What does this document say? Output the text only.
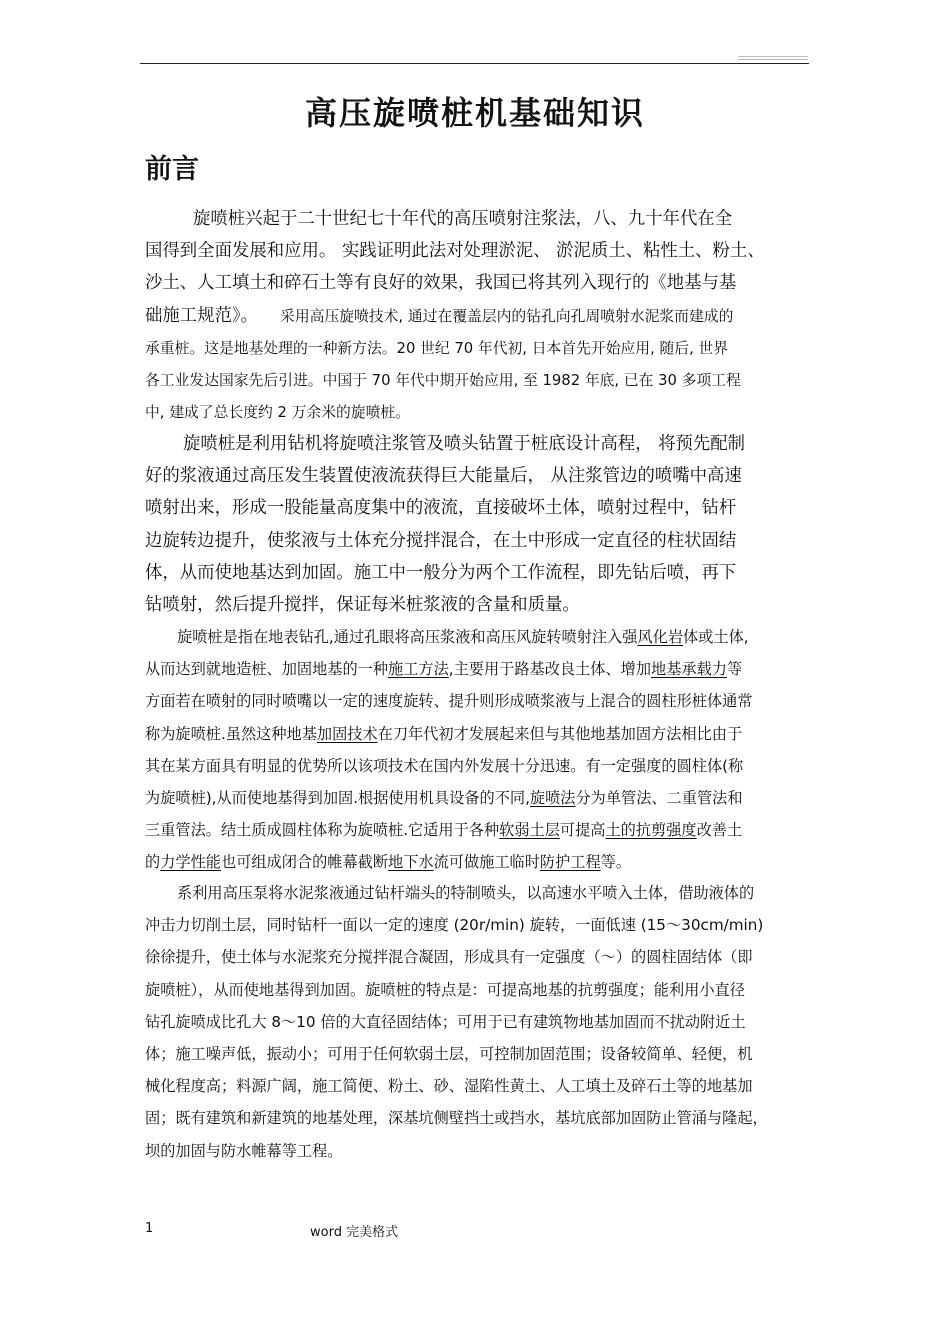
高压旋喷桩机基础知识
前言
旋喷桩兴起于二十世纪七十年代的高压喷射注浆法，八、九十年代在全
国得到全面发展和应用。 实践证明此法对处理淤泥、 淤泥质土、粘性土、粉土、
沙土、人工填土和碎石土等有良好的效果，我国已将其列入现行的《地基与基
础施工规范》。 采用高压旋喷技术, 通过在覆盖层内的钻孔向孔周喷射水泥浆而建成的
承重桩。这是地基处理的一种新方法。20 世纪 70 年代初, 日本首先开始应用, 随后, 世界
各工业发达国家先后引进。中国于 70 年代中期开始应用, 至 1982 年底, 已在 30 多项工程
中, 建成了总长度约 2 万余米的旋喷桩。
旋喷桩是利用钻机将旋喷注浆管及喷头钻置于桩底设计高程， 将预先配制
好的浆液通过高压发生装置使液流获得巨大能量后， 从注浆管边的喷嘴中高速
喷射出来，形成一股能量高度集中的液流，直接破坏土体，喷射过程中，钻杆
边旋转边提升，使浆液与土体充分搅拌混合，在土中形成一定直径的柱状固结
体，从而使地基达到加固。施工中一般分为两个工作流程，即先钻后喷，再下
钻喷射，然后提升搅拌，保证每米桩浆液的含量和质量。
旋喷桩是指在地表钻孔,通过孔眼将高压浆液和高压风旋转喷射注入强风化岩体或土体,
从而达到就地造桩、加固地基的一种施工方法,主要用于路基改良土体、增加地基承载力等
方面若在喷射的同时喷嘴以一定的速度旋转、提升则形成喷浆液与上混合的圆柱形桩体通常
称为旋喷桩.虽然这种地基加固技术在刀年代初才发展起来但与其他地基加固方法相比由于
其在某方面具有明显的优势所以该项技术在国内外发展十分迅速。有一定强度的圆柱体(称
为旋喷桩),从而使地基得到加固.根据使用机具设备的不同,旋喷法分为单管法、二重管法和
三重管法。结土质成圆柱体称为旋喷桩.它适用于各种软弱土层可提高土的抗剪强度改善土
的力学性能也可组成闭合的帷幕截断地下水流可做施工临时防护工程等。
系利用高压泵将水泥浆液通过钻杆端头的特制喷头，以高速水平喷入土体，借助液体的
冲击力切削土层，同时钻杆一面以一定的速度 (20r/min) 旋转，一面低速 (15～30cm/min)
徐徐提升，使土体与水泥浆充分搅拌混合凝固，形成具有一定强度（～）的圆柱固结体（即
旋喷桩），从而使地基得到加固。旋喷桩的特点是：可提高地基的抗剪强度；能利用小直径
钻孔旋喷成比孔大 8～10 倍的大直径固结体；可用于已有建筑物地基加固而不扰动附近土
体；施工噪声低，振动小；可用于任何软弱土层，可控制加固范围；设备较简单、轻便，机
械化程度高；料源广阔，施工简便、粉土、砂、湿陷性黄土、人工填土及碎石土等的地基加
固；既有建筑和新建筑的地基处理，深基坑侧壁挡土或挡水，基坑底部加固防止管涌与隆起，
坝的加固与防水帷幕等工程。
1	word 完美格式
